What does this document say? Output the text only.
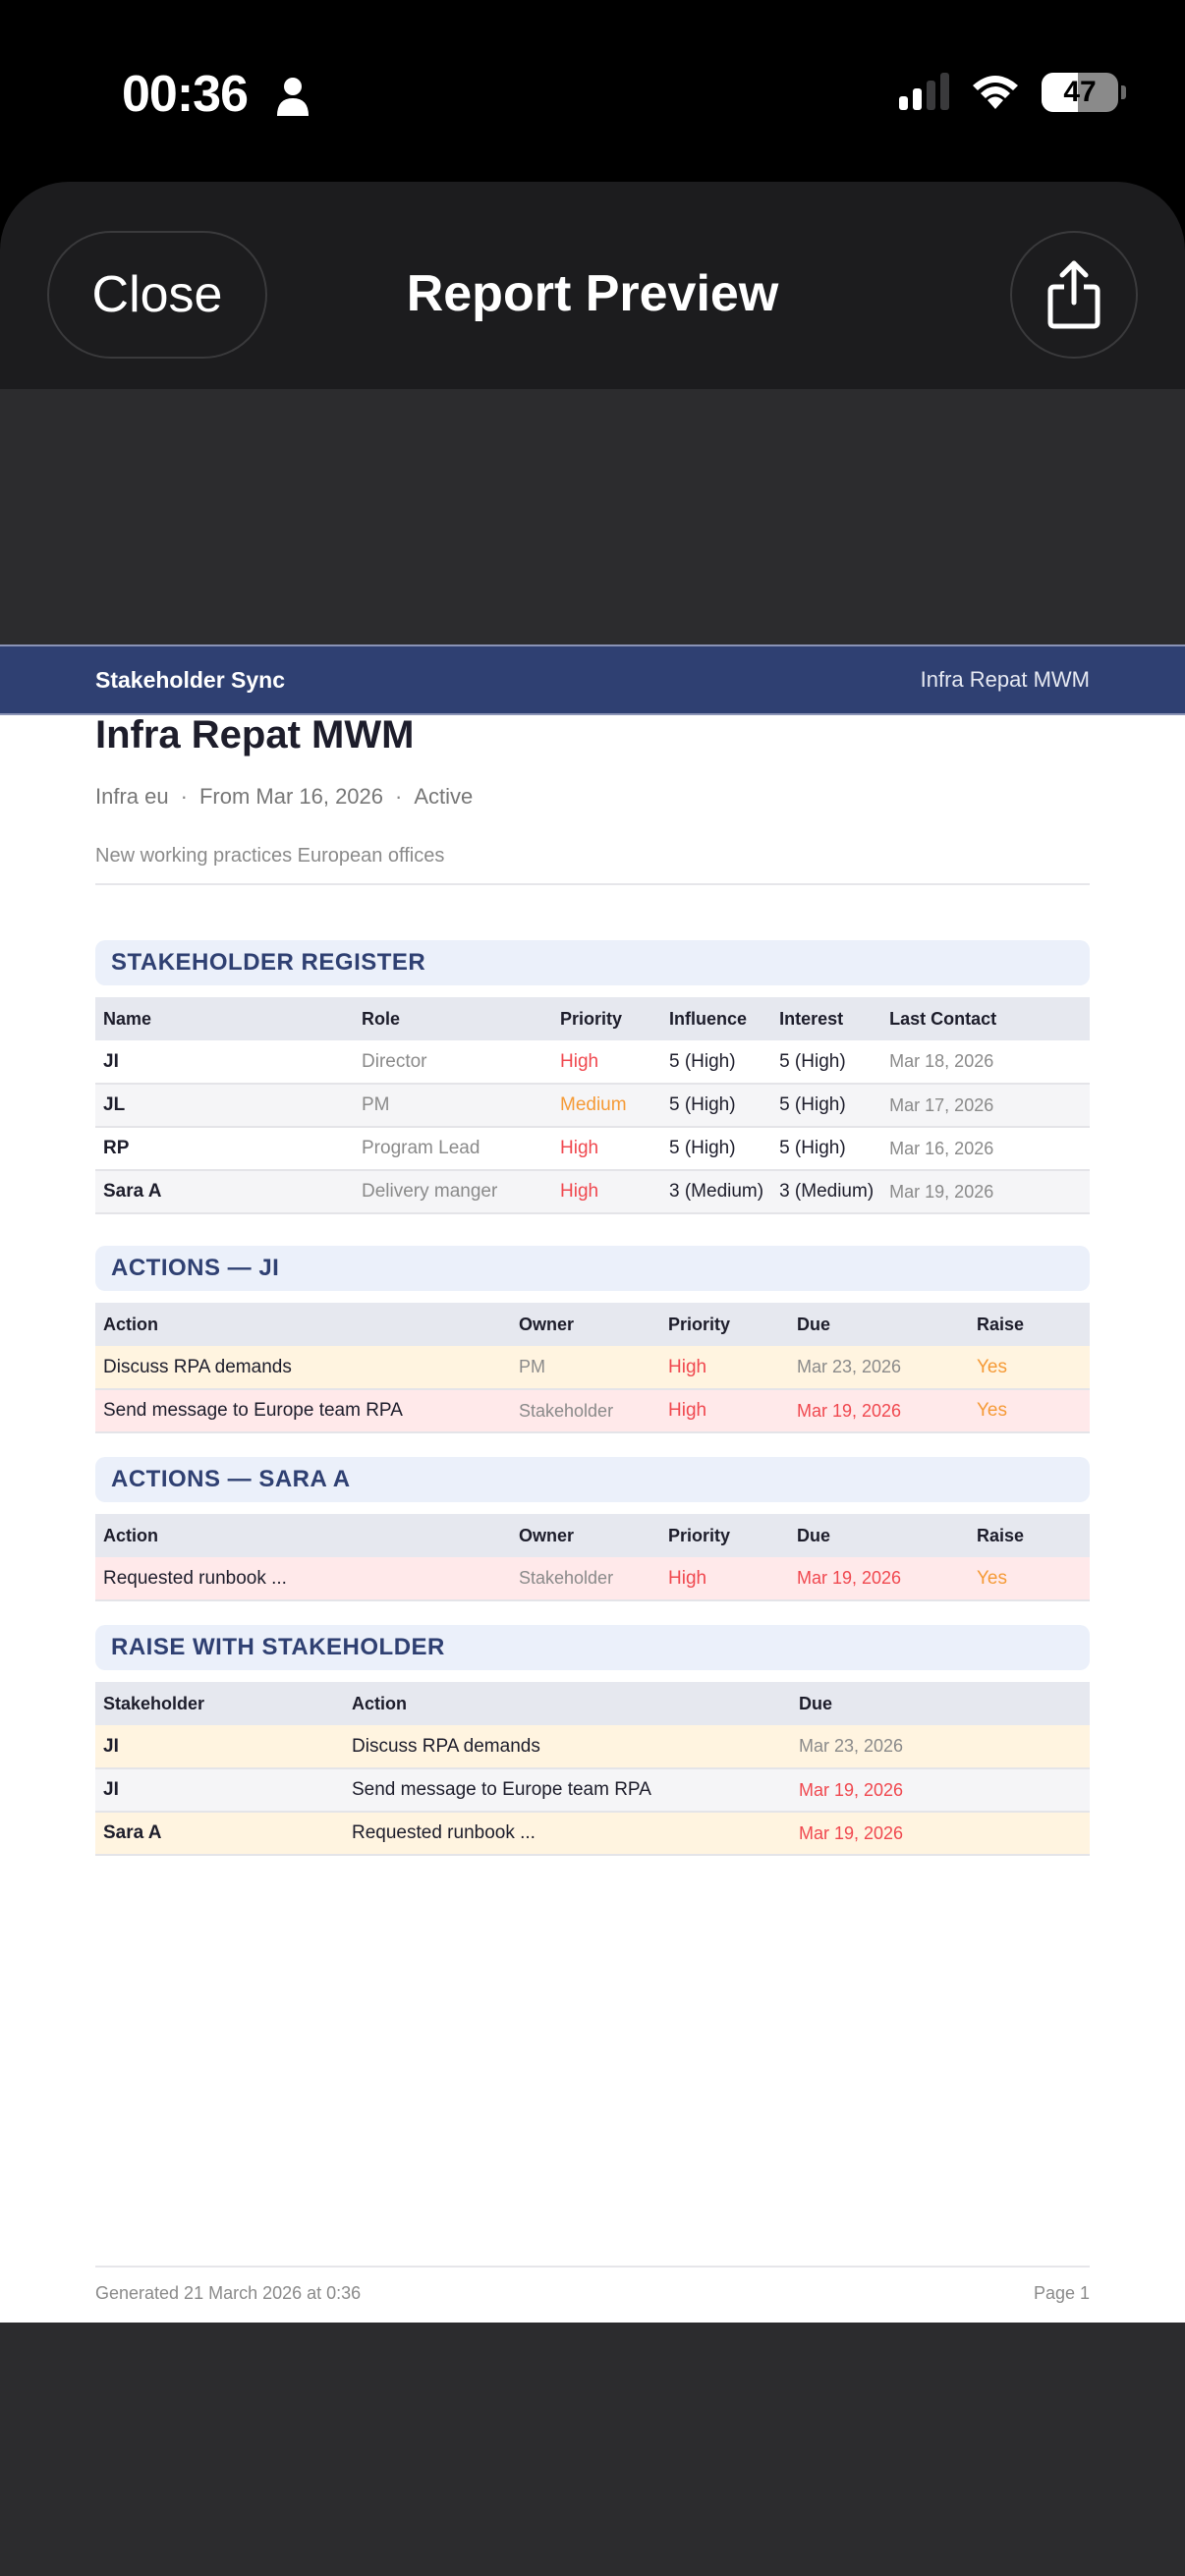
00:36	47
Close	Report Preview
Stakeholder Sync	Infra Repat MWM
Infra Repat MWM
Infra eu · From Mar 16, 2026 · Active
New working practices European offices
STAKEHOLDER REGISTER
Name	Role	Priority	Influence	Interest	Last Contact
JI	Director	High	5 (High)	5 (High)	Mar 18, 2026
JL	PM	Medium	5 (High)	5 (High)	Mar 17, 2026
RP	Program Lead	High	5 (High)	5 (High)	Mar 16, 2026
Sara A	Delivery manger	High	3 (Medium)	3 (Medium)	Mar 19, 2026
ACTIONS — JI
Action	Owner	Priority	Due	Raise
Discuss RPA demands	PM	High	Mar 23, 2026	Yes
Send message to Europe team RPA	Stakeholder	High	Mar 19, 2026	Yes
ACTIONS — SARA A
Action	Owner	Priority	Due	Raise
Requested runbook ...	Stakeholder	High	Mar 19, 2026	Yes
RAISE WITH STAKEHOLDER
Stakeholder	Action	Due
JI	Discuss RPA demands	Mar 23, 2026
JI	Send message to Europe team RPA	Mar 19, 2026
Sara A	Requested runbook ...	Mar 19, 2026
Generated 21 March 2026 at 0:36	Page 1
